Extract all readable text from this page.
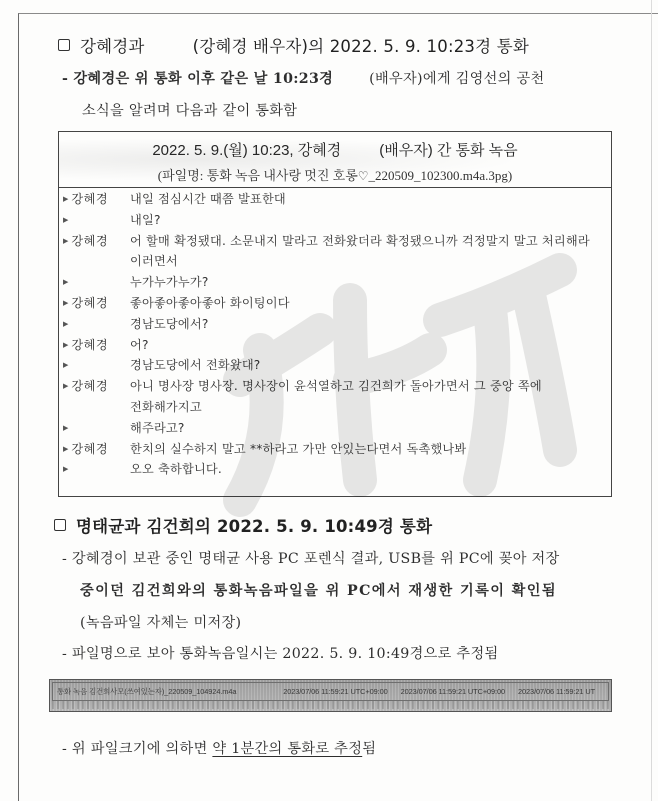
강혜경과	(강혜경 배우자)의 2022. 5. 9. 10:23경 통화
- 강혜경은 위 통화 이후 같은 날 10:23경	(배우자)에게 김영선의 공천
소식을 알려며 다음과 같이 통화함
2022. 5. 9.(월) 10:23, 강혜경	(배우자) 간 통화 녹음
(파일명: 통화 녹음 내사랑 멋진 호롱♡_220509_102300.m4a.3pg)
▶ 강혜경 내일 점심시간 때쯤 발표한대
▶	내일?
▶ 강혜경 어 할매 확정됐대. 소문내지 말라고 전화왔더라 확정됐으니까 걱정말지 말고 처리해라
이러면서
▶	누가누가누가?
▶ 강혜경 좋아좋아좋아좋아 화이팅이다
▶	경남도당에서?
▶ 강혜경 어?
▶	경남도당에서 전화왔대?
▶ 강혜경 아니 명사장 명사장. 명사장이 윤석열하고 김건희가 돌아가면서 그 중앙 쪽에
전화해가지고
▶	해주라고?
▶ 강혜경 한치의 실수하지 말고 **하라고 가만 안있는다면서 독촉했나봐
▶	오오 축하합니다.
명태균과 김건희의 2022. 5. 9. 10:49경 통화
- 강혜경이 보관 중인 명태균 사용 PC 포렌식 결과, USB를 위 PC에 꽂아 저장
중이던 김건희와의 통화녹음파일을 위 PC에서 재생한 기록이 확인됨
(녹음파일 자체는 미저장)
- 파일명으로 보아 통화녹음일시는 2022. 5. 9. 10:49경으로 추정됨
통화 녹음 김건희사모(쓰여있는자)_220509_104924.m4a	2023/07/06 11:59:21 UTC+09:00	2023/07/06 11:59:21 UTC+09:00	2023/07/06 11:59:21 UT
- 위 파일크기에 의하면 약 1분간의 통화로 추정됨
